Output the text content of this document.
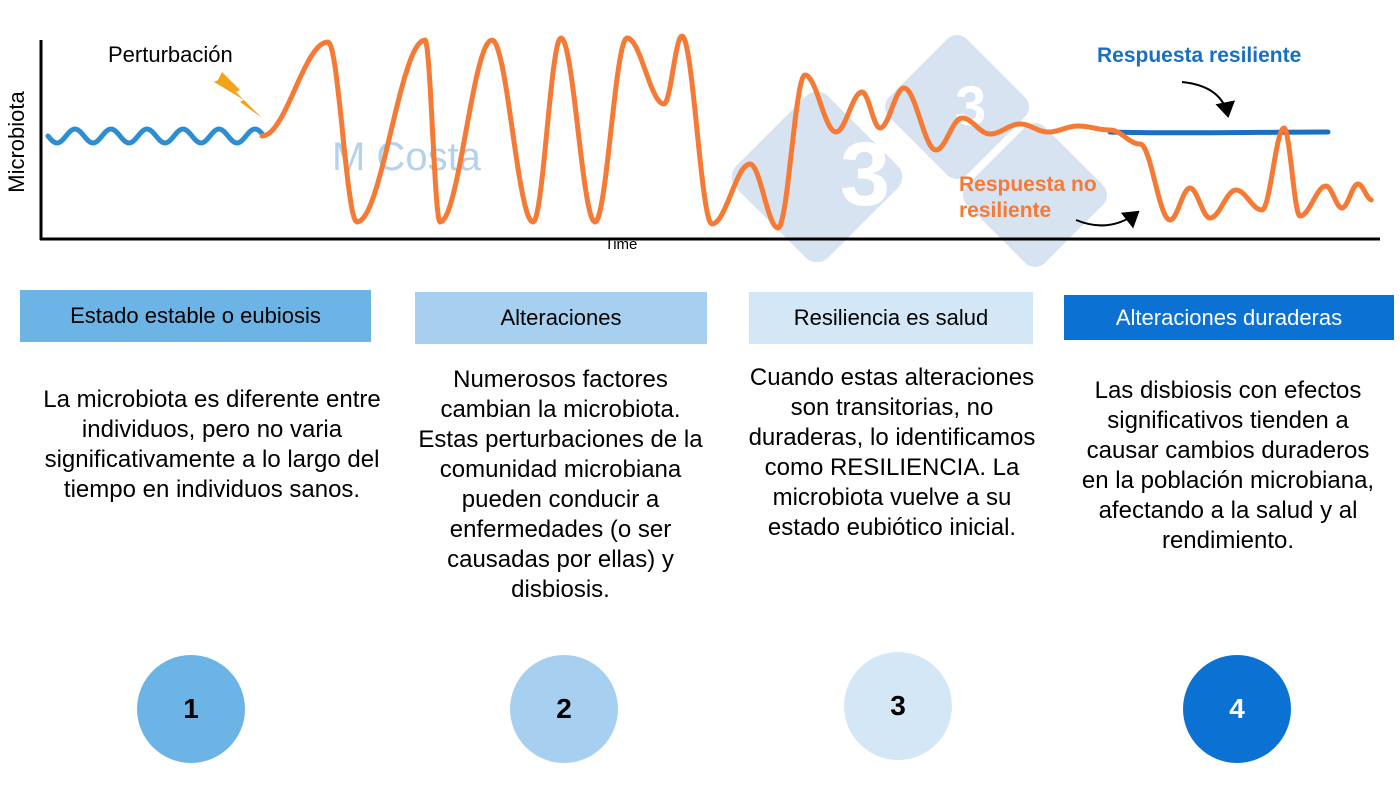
3
3
M Costa
Microbiota
Time
Perturbación	Respuesta resiliente
Respuesta no resiliente
Estado estable o eubiosis	Alteraciones	Resiliencia es salud	Alteraciones duraderas
La microbiota es diferente entre individuos, pero no varia significativamente a lo largo del tiempo en individuos sanos.
Numerosos factores cambian la microbiota. Estas perturbaciones de la comunidad microbiana pueden conducir a enfermedades (o ser causadas por ellas) y disbiosis.
Cuando estas alteraciones son transitorias, no duraderas, lo identificamos como RESILIENCIA. La microbiota vuelve a su estado eubiótico inicial.
Las disbiosis con efectos significativos tienden a causar cambios duraderos en la población microbiana, afectando a la salud y al rendimiento.
1	2	3	4
